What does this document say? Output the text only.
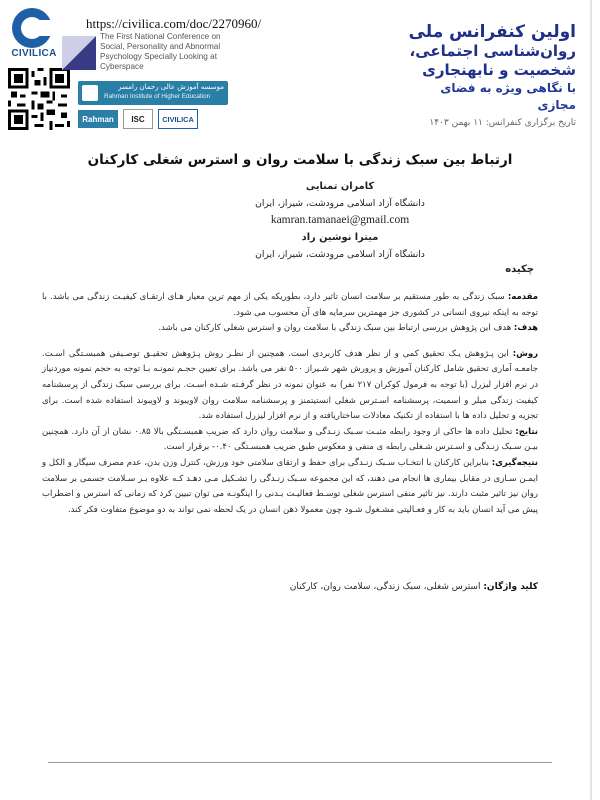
CIVILICA
https://civilica.com/doc/2270960/
The First National Conference on Social, Personality and Abnormal Psychology Specially Looking at Cyberspace
موسسه آموزش عالی رحمان رامسر
Rahman Institute of Higher Education
Rahman	ISC	CIVILICA
اولین کنفرانس ملی
روان‌شناسی اجتماعی،
شخصیت و نابهنجاری
با نگاهی ویژه به فضای مجازی
تاریخ برگزاری کنفرانس: ۱۱ بهمن ۱۴۰۳
ارتباط بین سبک زندگی با سلامت روان و استرس شغلی کارکنان
کامران تمنایی
دانشگاه آزاد اسلامی مرودشت، شیراز، ایران
kamran.tamanaei@gmail.com
میترا نوشین راد
دانشگاه آزاد اسلامی مرودشت، شیراز، ایران
چکیده

مقدمه: سبک زندگی به طور مستقیم بر سلامت انسان تاثیر دارد، بطوریکه یکی از مهم ترین معیار هـای ارتقـای کیفیـت زندگی می باشد. با توجه به اینکه نیروی انسانی در کشوری جز مهمترین سرمایه های آن محسوب می شود.

هدف: هدف این پژوهش بررسی ارتباط بین سبک زندگی با سلامت روان و استرس شغلی کارکنان می باشد.

روش: این پـژوهش یـک تحقیق کمی و از نظر هدف کاربردی است. همچنین از نظـر روش پـژوهش تحقیـق توصـیفی همبسـتگی اسـت. جامعـه آماری تحقیق شامل کارکنان آموزش و پرورش شهر شـیراز ۵۰۰ نفر می باشد. برای تعیین حجـم نمونـه بـا توجه به حجم نمونه موردنیاز در نرم افزار لیزرل (با توجه به فرمول کوکران ۲۱۷ نفر) به عنوان نمونه در نظر گرفـته شـده اسـت. برای بررسی سبک زندگی از پرسشنامه کیفیت زندگی میلر و اسمیت، پرسشنامه اسـترس شغلی انستیتمنز و پرسشنامه سلامت روان لاویبوند و لاویبوند استفاده شده است. برای تجزیه و تحلیل داده ها با استفاده از تکنیک معادلات ساختاریافته و از نرم افزار لیزرل استفاده شد.

نتایج: تحلیل داده ها حاکی از وجود رابطه مثبـت سـبک زنـدگی و سلامت روان دارد که ضریب همبسـتگی بالا ۰.۸۵ نشان از آن دارد. همچنین بیـن سـبک زنـدگی و اسـترس شـغلی رابطه ی منفی و معکوس طبق ضریب همبسـتگی ۰.۴۰- برقرار است.

نتیجه‌گیری: بنابراین کارکنان با انتخـاب سـبک زنـدگی برای حفظ و ارتقای سلامتی خود ورزش، کنترل وزن بدن، عدم مصرف سیگار و الکل و ایمـن سـازی در مقابل بیماری ها انجام می دهند، که این مجموعه سـبک زنـدگی را تشـکیل مـی دهـد کـه علاوه بـر سـلامت جسمی بر سلامت روان نیز تاثیر مثبت دارند. نیز تاثیر منفی استرس شغلی توسـط فعالیـت بـدنی را اینگونـه می توان تبیین کرد که زمانی که استرس و اضطراب پیش می آید انسان باید به کار و فعـالیتی مشـغول شـود چون معمولا ذهن انسان در یک لحظه نمی تواند به دو موضوع متفاوت فکر کند.

کلید واژگان: استرس شغلی، سبک زندگی، سلامت روان، کارکنان
